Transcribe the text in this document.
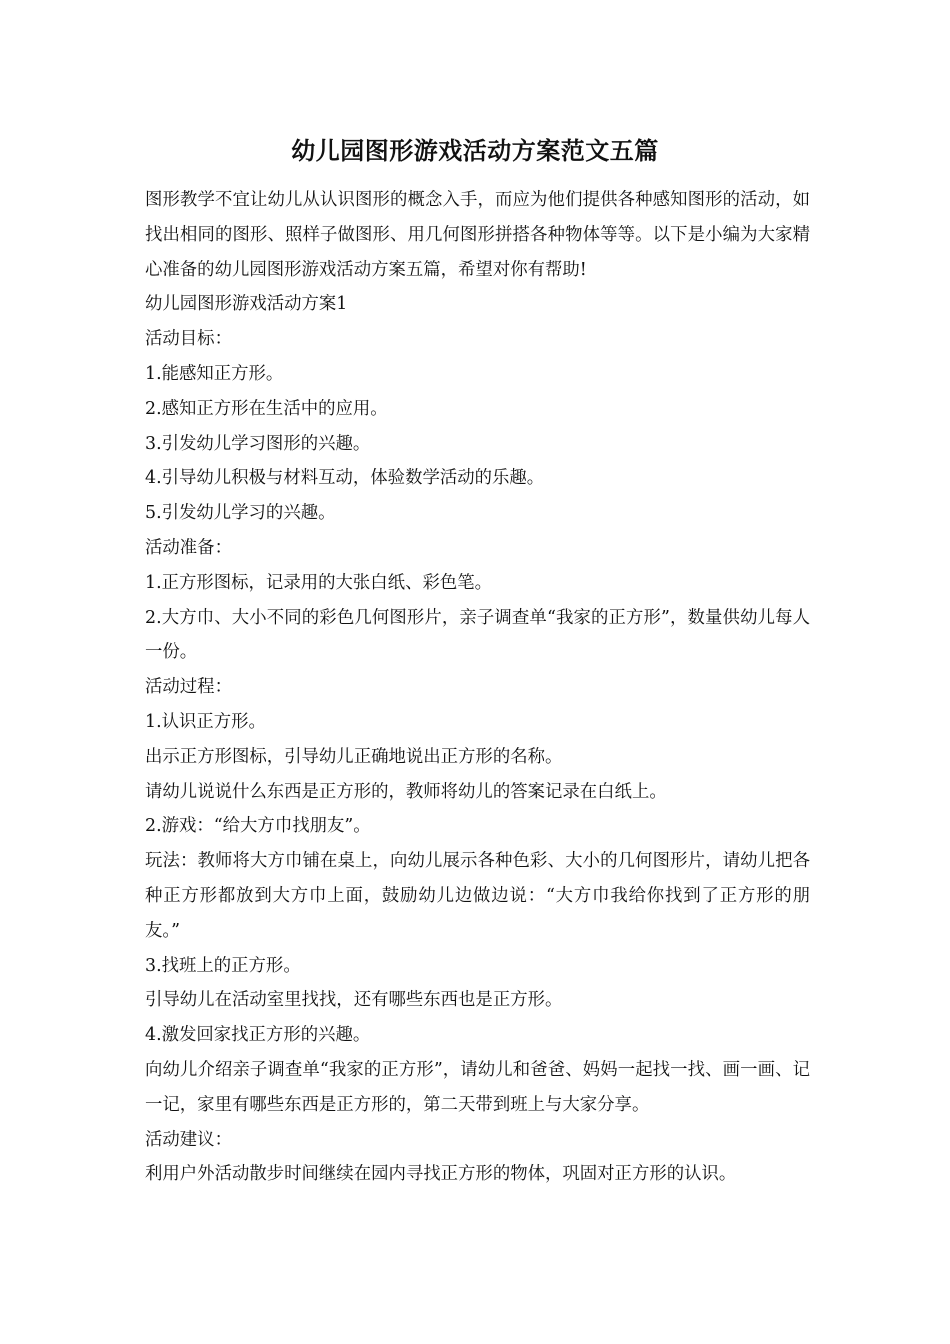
幼儿园图形游戏活动方案范文五篇

图形教学不宜让幼儿从认识图形的概念入手，而应为他们提供各种感知图形的活动，如找出相同的图形、照样子做图形、用几何图形拼搭各种物体等等。以下是小编为大家精心准备的幼儿园图形游戏活动方案五篇，希望对你有帮助!

幼儿园图形游戏活动方案1

活动目标：

1.能感知正方形。

2.感知正方形在生活中的应用。

3.引发幼儿学习图形的兴趣。

4.引导幼儿积极与材料互动，体验数学活动的乐趣。

5.引发幼儿学习的兴趣。

活动准备：

1.正方形图标，记录用的大张白纸、彩色笔。

2.大方巾、大小不同的彩色几何图形片，亲子调查单“我家的正方形”，数量供幼儿每人一份。

活动过程：

1.认识正方形。

出示正方形图标，引导幼儿正确地说出正方形的名称。

请幼儿说说什么东西是正方形的，教师将幼儿的答案记录在白纸上。

2.游戏：“给大方巾找朋友”。

玩法：教师将大方巾铺在桌上，向幼儿展示各种色彩、大小的几何图形片，请幼儿把各种正方形都放到大方巾上面，鼓励幼儿边做边说：“大方巾我给你找到了正方形的朋友。”

3.找班上的正方形。

引导幼儿在活动室里找找，还有哪些东西也是正方形。

4.激发回家找正方形的兴趣。

向幼儿介绍亲子调查单“我家的正方形”，请幼儿和爸爸、妈妈一起找一找、画一画、记一记，家里有哪些东西是正方形的，第二天带到班上与大家分享。

活动建议：

利用户外活动散步时间继续在园内寻找正方形的物体，巩固对正方形的认识。
